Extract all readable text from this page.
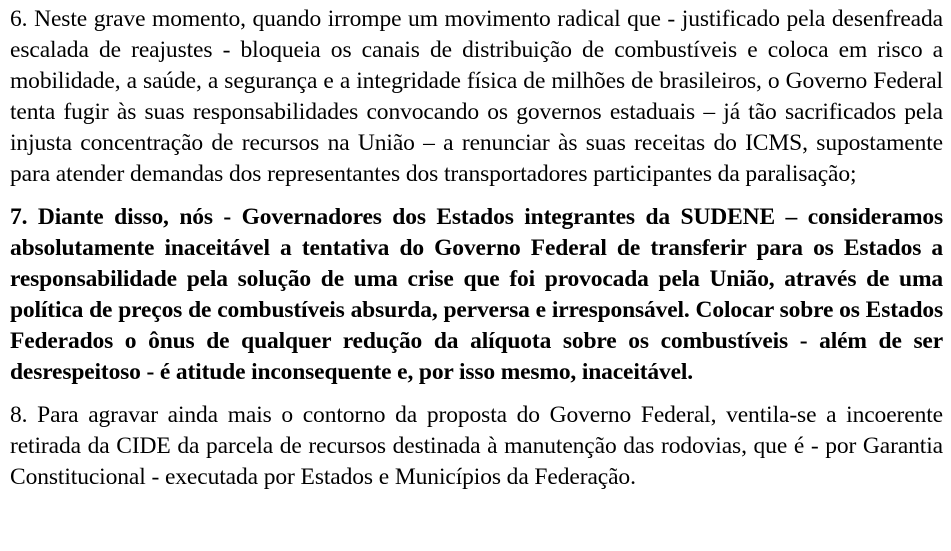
6. Neste grave momento, quando irrompe um movimento radical que - justificado pela desenfreada escalada de reajustes - bloqueia os canais de distribuição de combustíveis e coloca em risco a mobilidade, a saúde, a segurança e a integridade física de milhões de brasileiros, o Governo Federal tenta fugir às suas responsabilidades convocando os governos estaduais – já tão sacrificados pela injusta concentração de recursos na União – a renunciar às suas receitas do ICMS, supostamente para atender demandas dos representantes dos transportadores participantes da paralisação;

7. Diante disso, nós - Governadores dos Estados integrantes da SUDENE – consideramos absolutamente inaceitável a tentativa do Governo Federal de transferir para os Estados a responsabilidade pela solução de uma crise que foi provocada pela União, através de uma política de preços de combustíveis absurda, perversa e irresponsável. Colocar sobre os Estados Federados o ônus de qualquer redução da alíquota sobre os combustíveis - além de ser desrespeitoso - é atitude inconsequente e, por isso mesmo, inaceitável.

8. Para agravar ainda mais o contorno da proposta do Governo Federal, ventila-se a incoerente retirada da CIDE da parcela de recursos destinada à manutenção das rodovias, que é - por Garantia Constitucional - executada por Estados e Municípios da Federação.
